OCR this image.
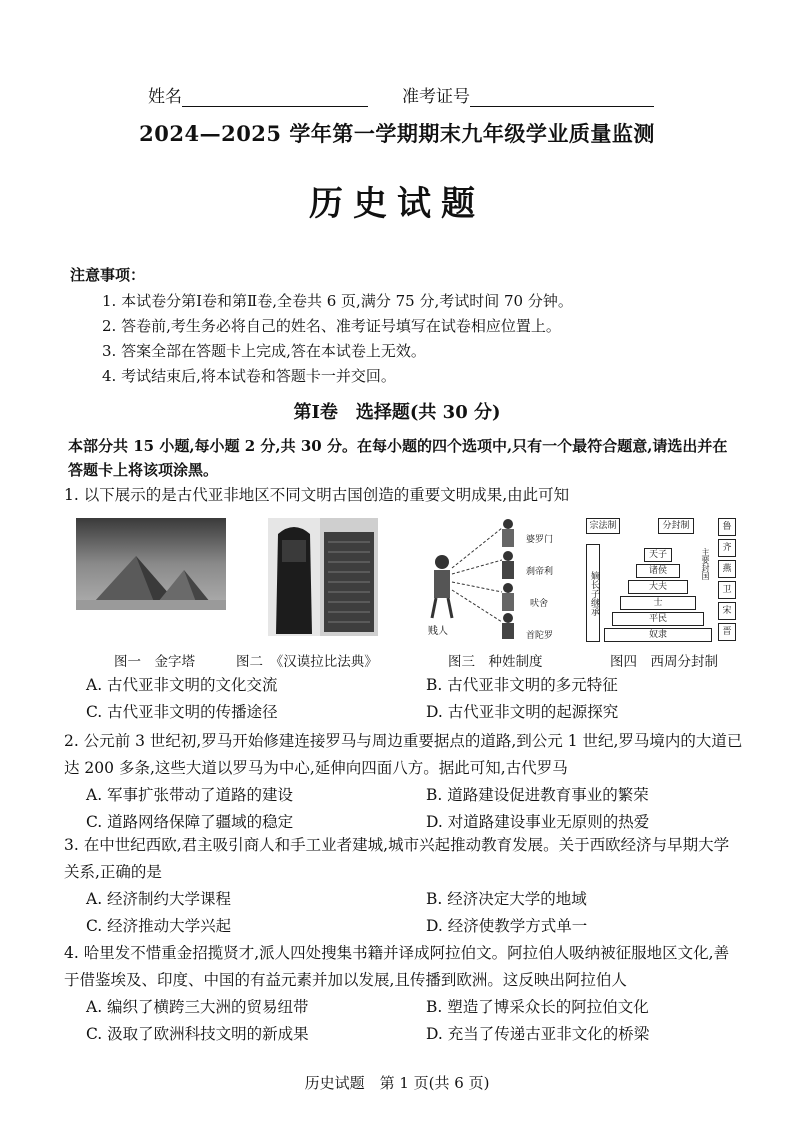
姓名	准考证号
2024—2025 学年第一学期期末九年级学业质量监测
历史试题
注意事项：
1. 本试卷分第Ⅰ卷和第Ⅱ卷,全卷共 6 页,满分 75 分,考试时间 70 分钟。
2. 答卷前,考生务必将自己的姓名、准考证号填写在试卷相应位置上。
3. 答案全部在答题卡上完成,答在本试卷上无效。
4. 考试结束后,将本试卷和答题卡一并交回。
第Ⅰ卷　选择题(共 30 分)
本部分共 15 小题,每小题 2 分,共 30 分。在每小题的四个选项中,只有一个最符合题意,请选出并在答题卡上将该项涂黑。
1. 以下展示的是古代亚非地区不同文明古国创造的重要文明成果,由此可知
图一　金字塔	图二　《汉谟拉比法典》
婆罗门
刹帝利
吠舍
首陀罗
贱人
图三　种姓制度
宗法制	分封制
嫡长子继承
天子
诸侯
大夫
士
平民
奴隶
主要封国
鲁
齐
燕
卫
宋
晋
图四　西周分封制
A. 古代亚非文明的文化交流	B. 古代亚非文明的多元特征
C. 古代亚非文明的传播途径	D. 古代亚非文明的起源探究
2. 公元前 3 世纪初,罗马开始修建连接罗马与周边重要据点的道路,到公元 1 世纪,罗马境内的大道已达 200 多条,这些大道以罗马为中心,延伸向四面八方。据此可知,古代罗马
A. 军事扩张带动了道路的建设	B. 道路建设促进教育事业的繁荣
C. 道路网络保障了疆域的稳定	D. 对道路建设事业无原则的热爱
3. 在中世纪西欧,君主吸引商人和手工业者建城,城市兴起推动教育发展。关于西欧经济与早期大学关系,正确的是
A. 经济制约大学课程	B. 经济决定大学的地域
C. 经济推动大学兴起	D. 经济使教学方式单一
4. 哈里发不惜重金招揽贤才,派人四处搜集书籍并译成阿拉伯文。阿拉伯人吸纳被征服地区文化,善于借鉴埃及、印度、中国的有益元素并加以发展,且传播到欧洲。这反映出阿拉伯人
A. 编织了横跨三大洲的贸易纽带	B. 塑造了博采众长的阿拉伯文化
C. 汲取了欧洲科技文明的新成果	D. 充当了传递古亚非文化的桥梁
历史试题　第 1 页(共 6 页)
